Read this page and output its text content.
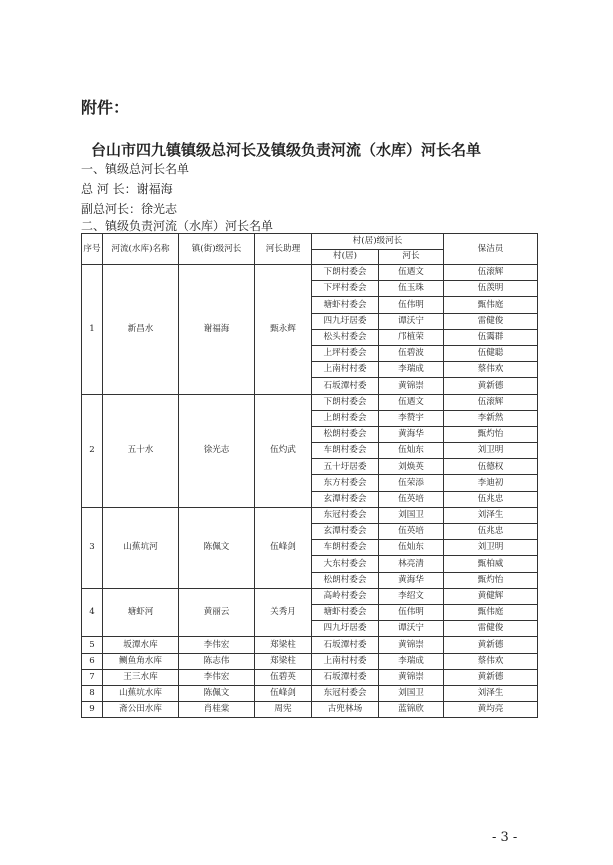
附件：
台山市四九镇镇级总河长及镇级负责河流（水库）河长名单
一、镇级总河长名单
总 河 长：谢福海
副总河长：徐光志
二、镇级负责河流（水库）河长名单
序号	河流(水库)名称	镇(街)级河长	河长助理	村(居)级河长		保洁员
				村(居)	河长	
1	新昌水	谢福海	甄永辉	下朗村委会	伍迺文	伍滚辉
				下坪村委会	伍玉珠	伍羡明
				塘虾村委会	伍伟明	甄伟庭
				四九圩居委	谭沃宁	雷健俊
				松头村委会	邝植荣	伍霭群
				上坪村委会	伍碧波	伍健聪
				上南村村委	李瑞成	蔡伟欢
				石坂潭村委	黄锦崇	黄新德
2	五十水	徐光志	伍灼武	下朗村委会	伍迺文	伍滚辉
				上朗村委会	李赞宇	李新然
				松朗村委会	黄海华	甄灼怡
				车朗村委会	伍灿东	刘卫明
				五十圩居委	刘焕英	伍德权
				东方村委会	伍荣添	李迪初
				玄潭村委会	伍英培	伍兆忠
3	山蕉坑河	陈佩文	伍峰剑	东冠村委会	刘国卫	刘泽生
				玄潭村委会	伍英培	伍兆忠
				车朗村委会	伍灿东	刘卫明
				大东村委会	林亮清	甄柏威
				松朗村委会	黄海华	甄灼怡
4	塘虾河	黄丽云	关秀月	高岭村委会	李绍文	黄健辉
				塘虾村委会	伍伟明	甄伟庭
				四九圩居委	谭沃宁	雷健俊
5	坂潭水库	李伟宏	郑梁柱	石坂潭村委	黄锦崇	黄新德
6	鲗鱼角水库	陈志伟	郑梁柱	上南村村委	李瑞成	蔡伟欢
7	王三水库	李伟宏	伍碧英	石坂潭村委	黄锦崇	黄新德
8	山蕉坑水库	陈佩文	伍峰剑	东冠村委会	刘国卫	刘泽生
9	斋公田水库	肖桂棠	周宪	古兜林场	蓝锦欣	黄均亮
- 3 -
